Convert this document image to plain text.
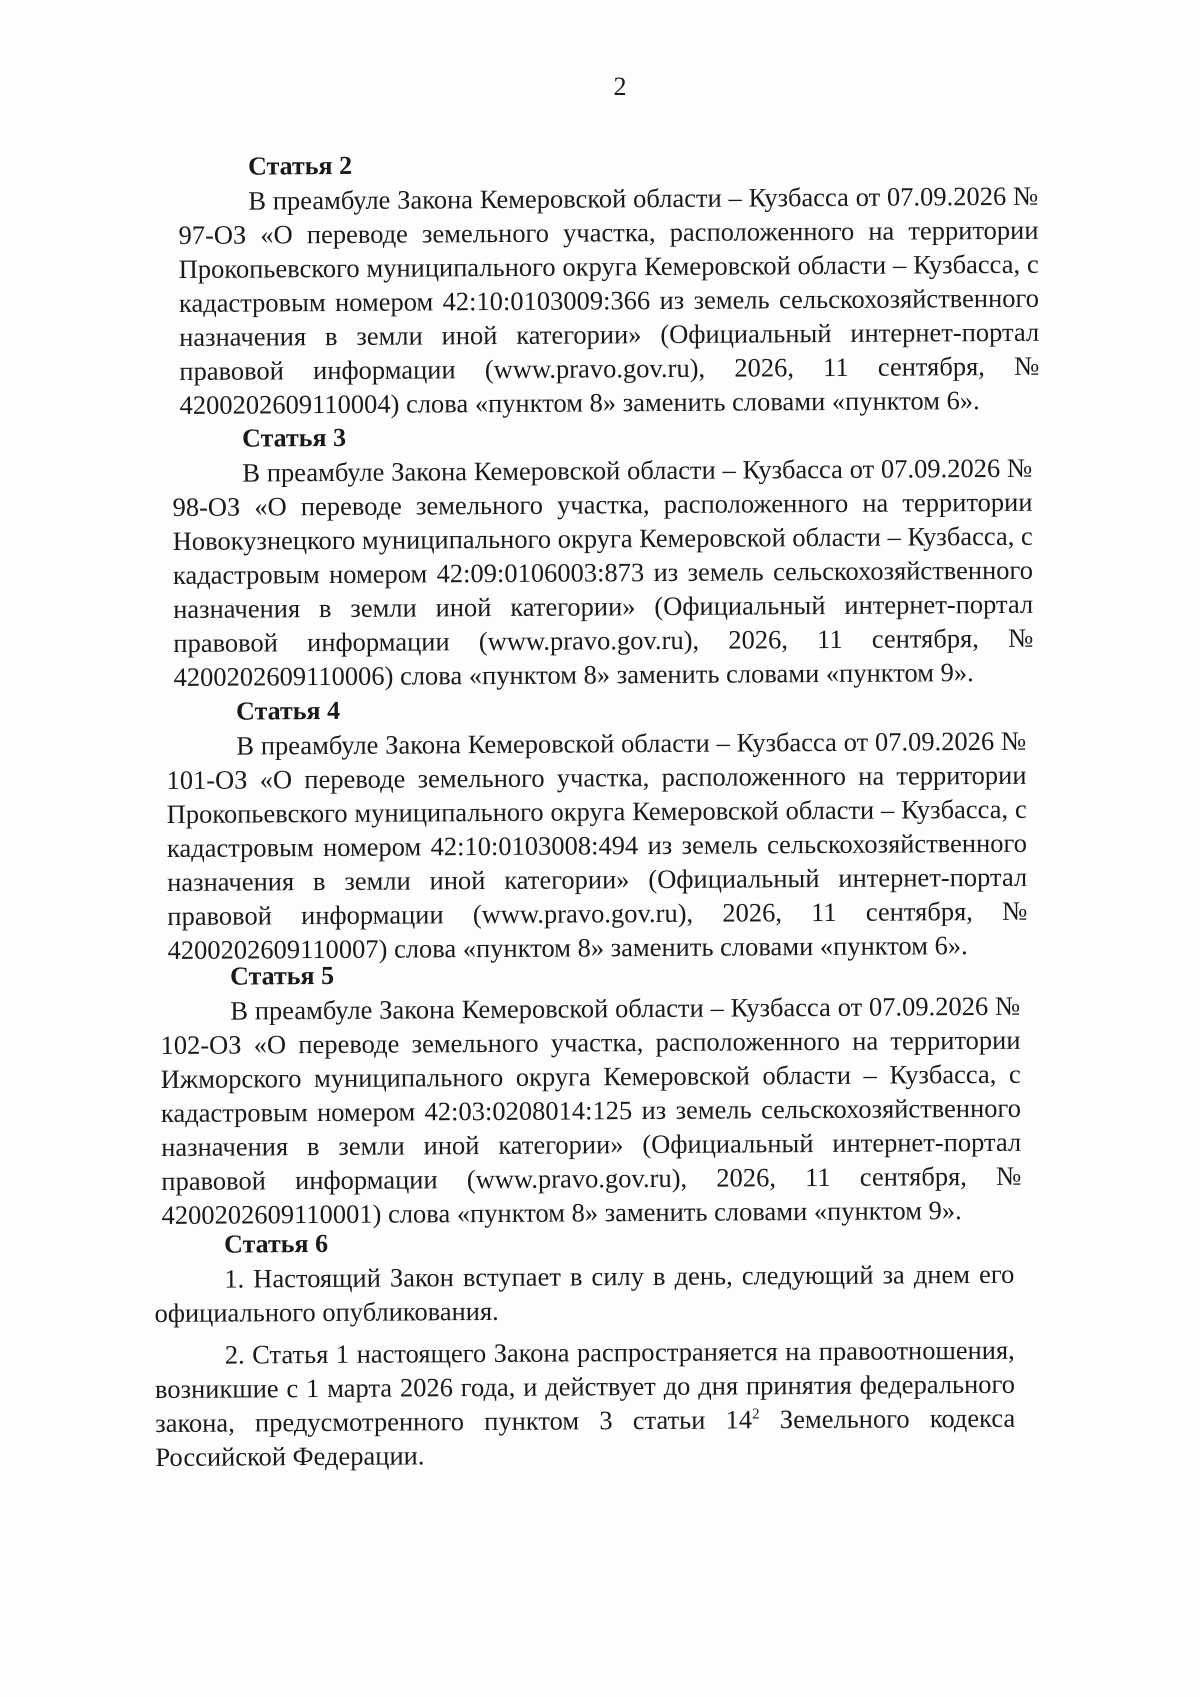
2

Статья 2

В преамбуле Закона Кемеровской области – Кузбасса от 07.09.2026 № 97-ОЗ «О переводе земельного участка, расположенного на территории Прокопьевского муниципального округа Кемеровской области – Кузбасса, с кадастровым номером 42:10:0103009:366 из земель сельскохозяйственного назначения в земли иной категории» (Официальный интернет-портал правовой информации (www.pravo.gov.ru), 2026, 11 сентября, № 4200202609110004) слова «пунктом 8» заменить словами «пунктом 6».

Статья 3

В преамбуле Закона Кемеровской области – Кузбасса от 07.09.2026 № 98-ОЗ «О переводе земельного участка, расположенного на территории Новокузнецкого муниципального округа Кемеровской области – Кузбасса, с кадастровым номером 42:09:0106003:873 из земель сельскохозяйственного назначения в земли иной категории» (Официальный интернет-портал правовой информации (www.pravo.gov.ru), 2026, 11 сентября, № 4200202609110006) слова «пунктом 8» заменить словами «пунктом 9».

Статья 4

В преамбуле Закона Кемеровской области – Кузбасса от 07.09.2026 № 101-ОЗ «О переводе земельного участка, расположенного на территории Прокопьевского муниципального округа Кемеровской области – Кузбасса, с кадастровым номером 42:10:0103008:494 из земель сельскохозяйственного назначения в земли иной категории» (Официальный интернет-портал правовой информации (www.pravo.gov.ru), 2026, 11 сентября, № 4200202609110007) слова «пунктом 8» заменить словами «пунктом 6».

Статья 5

В преамбуле Закона Кемеровской области – Кузбасса от 07.09.2026 № 102-ОЗ «О переводе земельного участка, расположенного на территории Ижморского муниципального округа Кемеровской области – Кузбасса, с кадастровым номером 42:03:0208014:125 из земель сельскохозяйственного назначения в земли иной категории» (Официальный интернет-портал правовой информации (www.pravo.gov.ru), 2026, 11 сентября, № 4200202609110001) слова «пунктом 8» заменить словами «пунктом 9».

Статья 6

1. Настоящий Закон вступает в силу в день, следующий за днем его официального опубликования.

2. Статья 1 настоящего Закона распространяется на правоотношения, возникшие с 1 марта 2026 года, и действует до дня принятия федерального закона, предусмотренного пунктом 3 статьи $14^2$ Земельного кодекса Российской Федерации.
